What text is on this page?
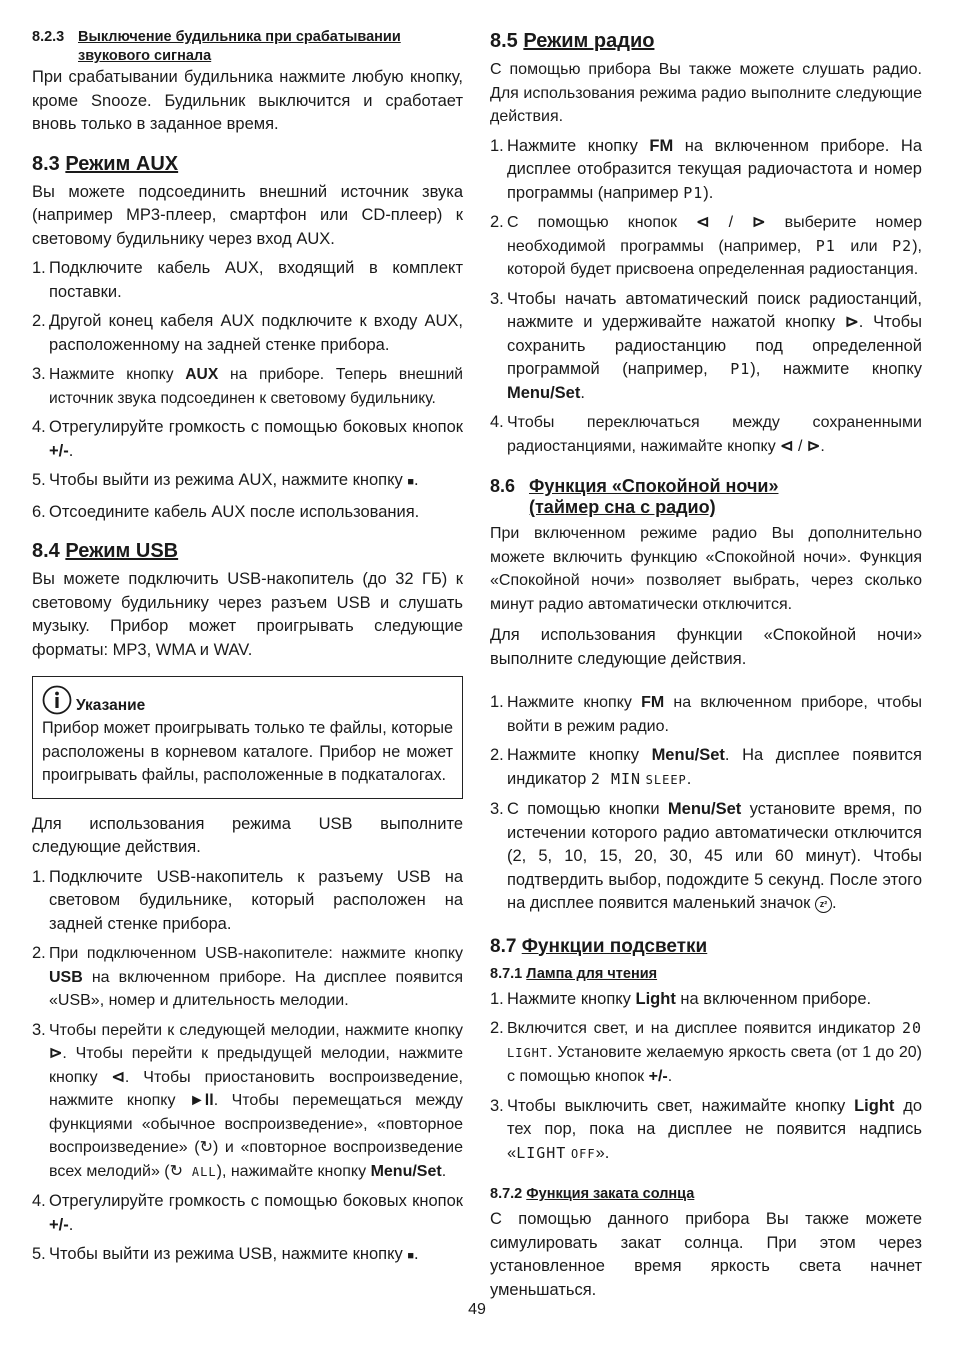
8.2.3 Выключение будильника при срабатывании звукового сигнала

При срабатывании будильника нажмите любую кнопку, кроме Snooze. Будильник выключится и сработает вновь только в заданное время.

8.3 Режим AUX

Вы можете подсоединить внешний источник звука (например MP3-плеер, смартфон или CD-плеер) к световому будильнику через вход AUX.

1. Подключите кабель AUX, входящий в комплект поставки.
2. Другой конец кабеля AUX подключите к входу AUX, расположенному на задней стенке прибора.
3. Нажмите кнопку AUX на приборе. Теперь внешний источник звука подсоединен к световому будильнику.
4. Отрегулируйте громкость с помощью боковых кнопок +/-.
5. Чтобы выйти из режима AUX, нажмите кнопку ■.
6. Отсоедините кабель AUX после использования.
8.4 Режим USB

Вы можете подключить USB-накопитель (до 32 ГБ) к световому будильнику через разъем USB и слушать музыку. Прибор может проигрывать следующие форматы: MP3, WMA и WAV.

Указание

Прибор может проигрывать только те файлы, которые расположены в корневом каталоге. Прибор не может проигрывать файлы, расположенные в подкаталогах.

Для использования режима USB выполните следующие действия.

1. Подключите USB-накопитель к разъему USB на световом будильнике, который расположен на задней стенке прибора.
2. При подключенном USB-накопителе: нажмите кнопку USB на включенном приборе. На дисплее появится «USB», номер и длительность мелодии.
3. Чтобы перейти к следующей мелодии, нажмите кнопку ⊳. Чтобы перейти к предыдущей мелодии, нажмите кнопку ⊲. Чтобы приостановить воспроизведение, нажмите кнопку ►ll. Чтобы перемещаться между функциями «обычное воспроизведение», «повторное воспроизведение» (↻) и «повторное воспроизведение всех мелодий» (↻ ALL), нажимайте кнопку Menu/Set.
4. Отрегулируйте громкость с помощью боковых кнопок +/-.
5. Чтобы выйти из режима USB, нажмите кнопку ■.
8.5 Режим радио

С помощью прибора Вы также можете слушать радио. Для использования режима радио выполните следующие действия.

1. Нажмите кнопку FM на включенном приборе. На дисплее отобразится текущая радиочастота и номер программы (например P1).
2. С помощью кнопок ⊲ / ⊳ выберите номер необходимой программы (например, P1 или P2), которой будет присвоена определенная радиостанция.
3. Чтобы начать автоматический поиск радиостанций, нажмите и удерживайте нажатой кнопку ⊳. Чтобы сохранить радиостанцию под определенной программой (например, P1), нажмите кнопку Menu/Set.
4. Чтобы переключаться между сохраненными радиостанциями, нажимайте кнопку ⊲ / ⊳.
8.6 Функция «Спокойной ночи»
(таймер сна с радио)

При включенном режиме радио Вы дополнительно можете включить функцию «Спокойной ночи». Функция «Спокойной ночи» позволяет выбрать, через сколько минут радио автоматически отключится.

Для использования функции «Спокойной ночи» выполните следующие действия.

1. Нажмите кнопку FM на включенном приборе, чтобы войти в режим радио.
2. Нажмите кнопку Menu/Set. На дисплее появится индикатор 2 MIN SLEEP.
3. С помощью кнопки Menu/Set установите время, по истечении которого радио автоматически отключится (2, 5, 10, 15, 20, 30, 45 или 60 минут). Чтобы подтвердить выбор, подождите 5 секунд. После этого на дисплее появится маленький значок z² .
8.7 Функции подсветки
8.7.1 Лампа для чтения
1. Нажмите кнопку Light на включенном приборе.
2. Включится свет, и на дисплее появится индикатор 20 LIGHT. Установите желаемую яркость света (от 1 до 20) с помощью кнопок +/-.
3. Чтобы выключить свет, нажимайте кнопку Light до тех пор, пока на дисплее не появится надпись «LIGHT OFF».
8.7.2 Функция заката солнца

С помощью данного прибора Вы также можете симулировать закат солнца. При этом через установленное время яркость света начнет уменьшаться.

49
